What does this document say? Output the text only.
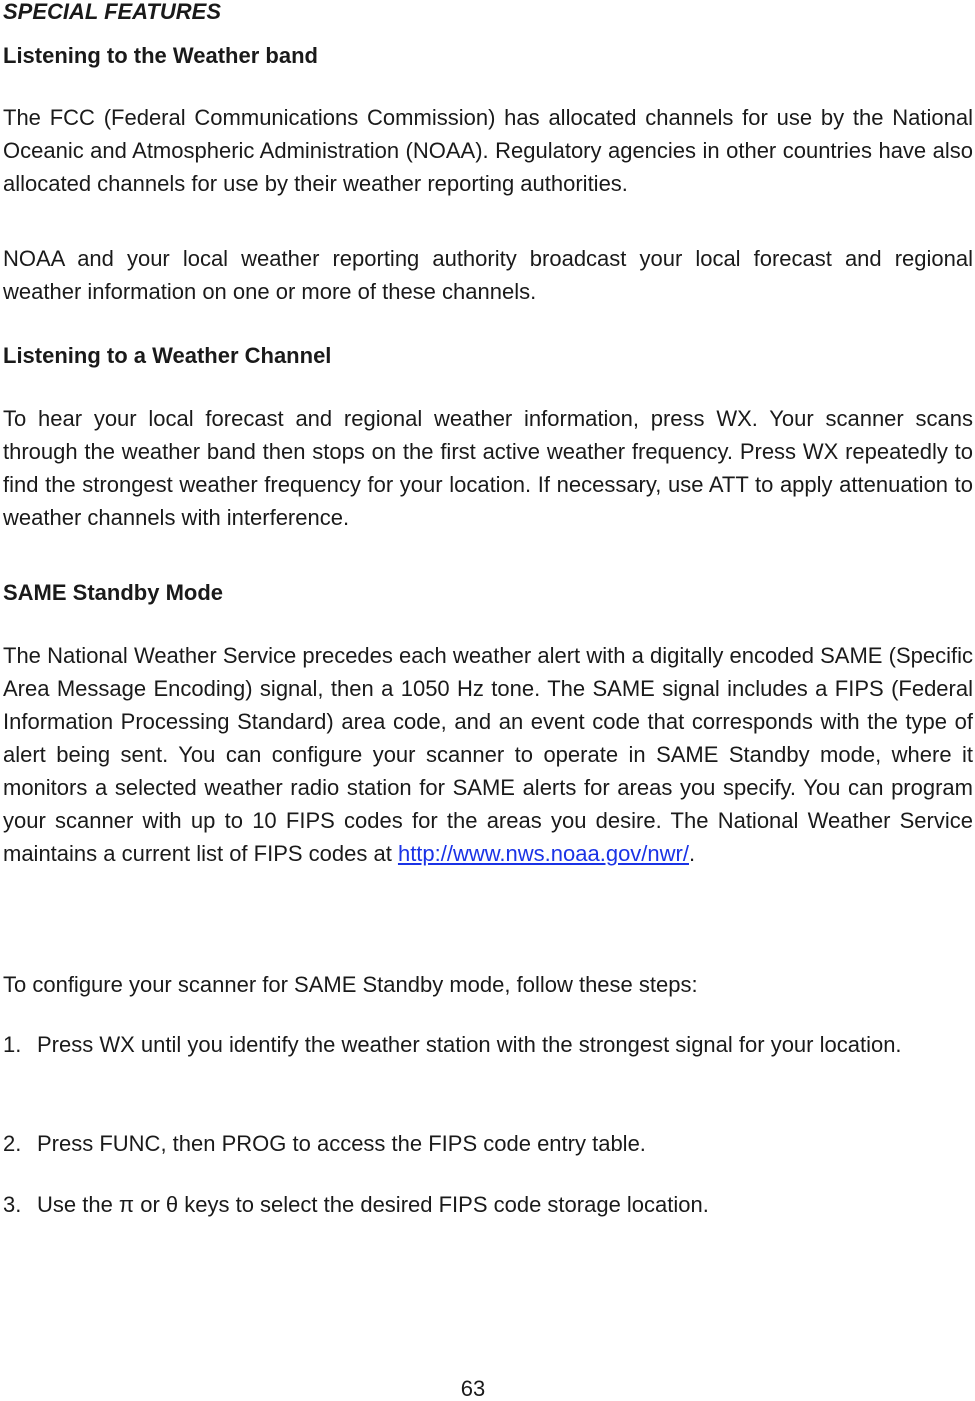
SPECIAL FEATURES
Listening to the Weather band

The FCC (Federal Communications Commission) has allocated channels for use by the National Oceanic and Atmospheric Administration (NOAA). Regulatory agencies in other countries have also allocated channels for use by their weather reporting authorities.

NOAA and your local weather reporting authority broadcast your local forecast and regional weather information on one or more of these channels.

Listening to a Weather Channel

To hear your local forecast and regional weather information, press WX. Your scanner scans through the weather band then stops on the first active weather frequency. Press WX repeatedly to find the strongest weather frequency for your location. If necessary, use ATT to apply attenuation to weather channels with interference.

SAME Standby Mode

The National Weather Service precedes each weather alert with a digitally encoded SAME (Specific Area Message Encoding) signal, then a 1050 Hz tone. The SAME signal includes a FIPS (Federal Information Processing Standard) area code, and an event code that corresponds with the type of alert being sent. You can configure your scanner to operate in SAME Standby mode, where it monitors a selected weather radio station for SAME alerts for areas you specify. You can program your scanner with up to 10 FIPS codes for the areas you desire. The National Weather Service maintains a current list of FIPS codes at http://www.nws.noaa.gov/nwr/.

To configure your scanner for SAME Standby mode, follow these steps:

1. Press WX until you identify the weather station with the strongest signal for your location.
2. Press FUNC, then PROG to access the FIPS code entry table.
3. Use the π or θ keys to select the desired FIPS code storage location.
63
